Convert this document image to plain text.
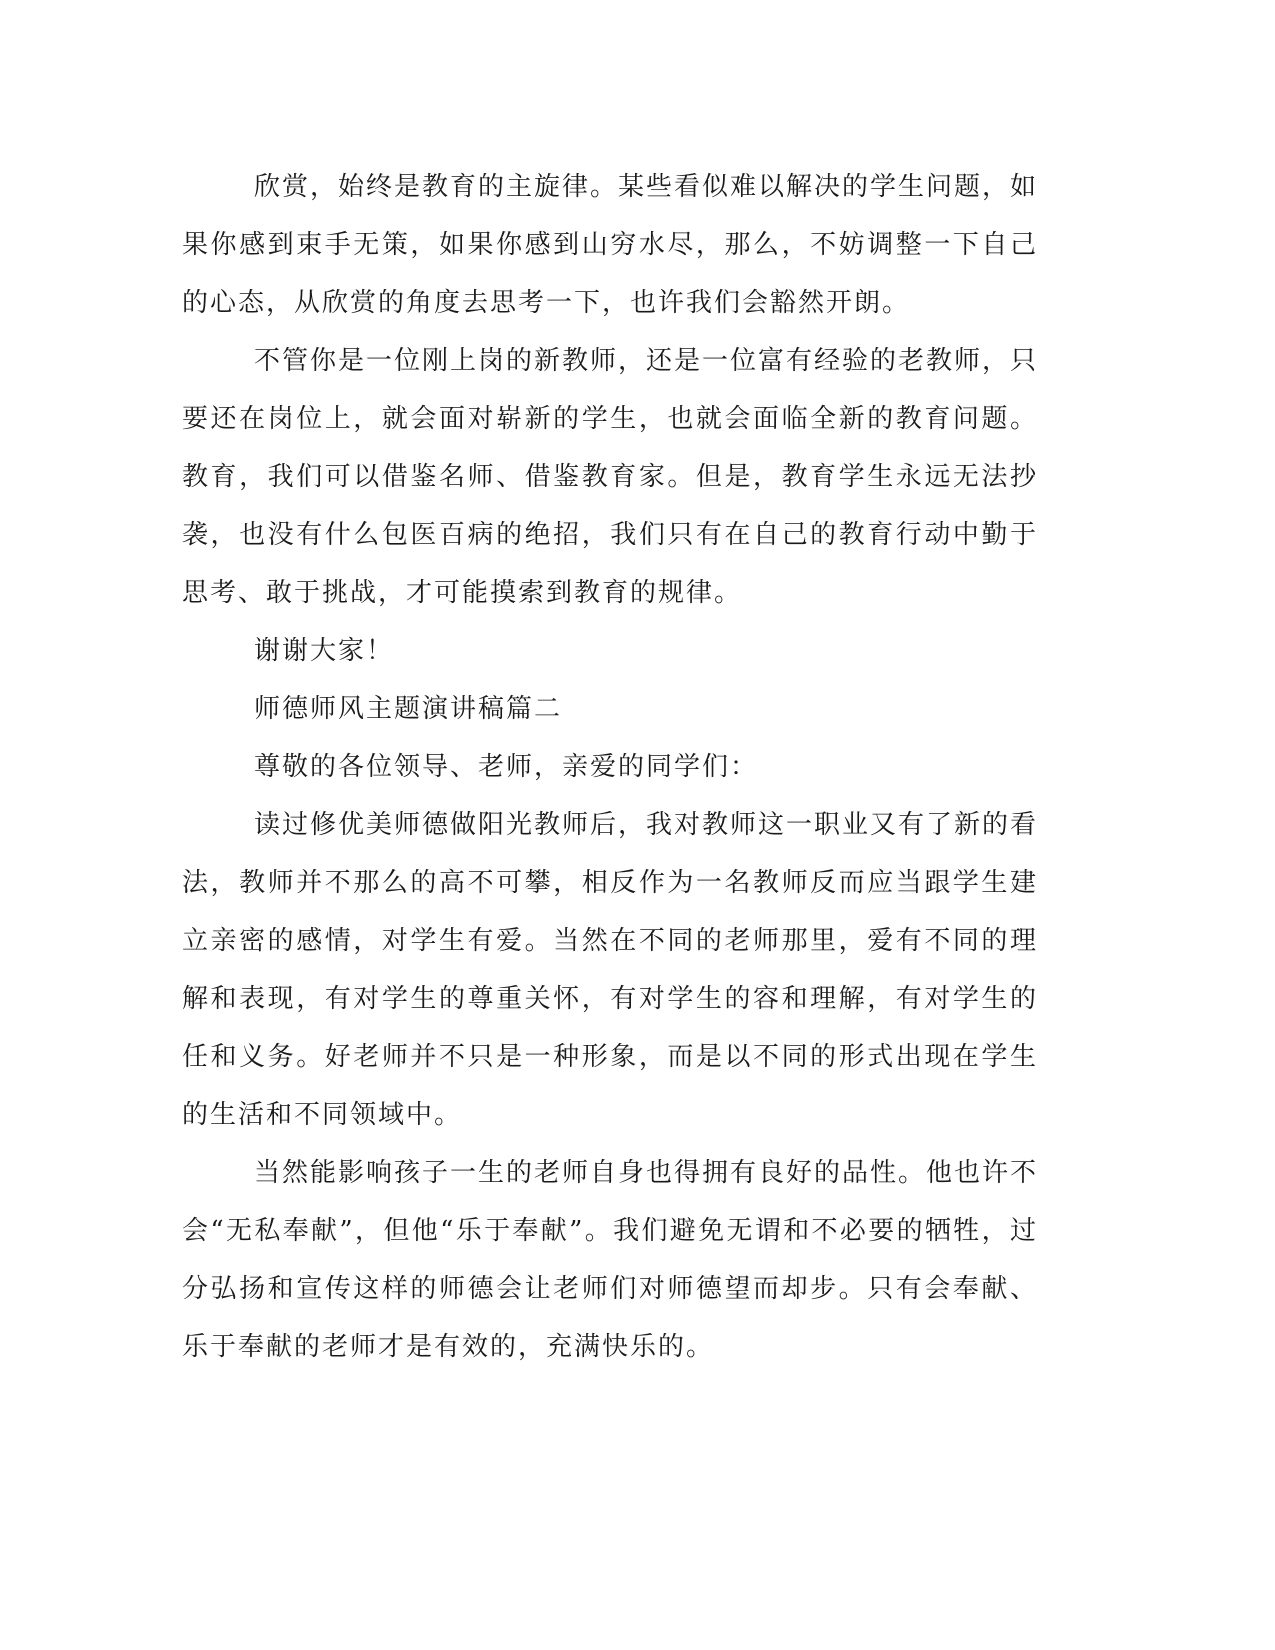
欣赏，始终是教育的主旋律。某些看似难以解决的学生问题，如果你感到束手无策，如果你感到山穷水尽，那么，不妨调整一下自己的心态，从欣赏的角度去思考一下，也许我们会豁然开朗。

不管你是一位刚上岗的新教师，还是一位富有经验的老教师，只要还在岗位上，就会面对崭新的学生，也就会面临全新的教育问题。教育，我们可以借鉴名师、借鉴教育家。但是，教育学生永远无法抄袭，也没有什么包医百病的绝招，我们只有在自己的教育行动中勤于思考、敢于挑战，才可能摸索到教育的规律。

谢谢大家！

师德师风主题演讲稿篇二

尊敬的各位领导、老师，亲爱的同学们：

读过修优美师德做阳光教师后，我对教师这一职业又有了新的看法，教师并不那么的高不可攀，相反作为一名教师反而应当跟学生建立亲密的感情，对学生有爱。当然在不同的老师那里，爱有不同的理解和表现，有对学生的尊重关怀，有对学生的容和理解，有对学生的任和义务。好老师并不只是一种形象，而是以不同的形式出现在学生的生活和不同领域中。

当然能影响孩子一生的老师自身也得拥有良好的品性。他也许不会“无私奉献”，但他“乐于奉献”。我们避免无谓和不必要的牺牲，过分弘扬和宣传这样的师德会让老师们对师德望而却步。只有会奉献、乐于奉献的老师才是有效的，充满快乐的。
